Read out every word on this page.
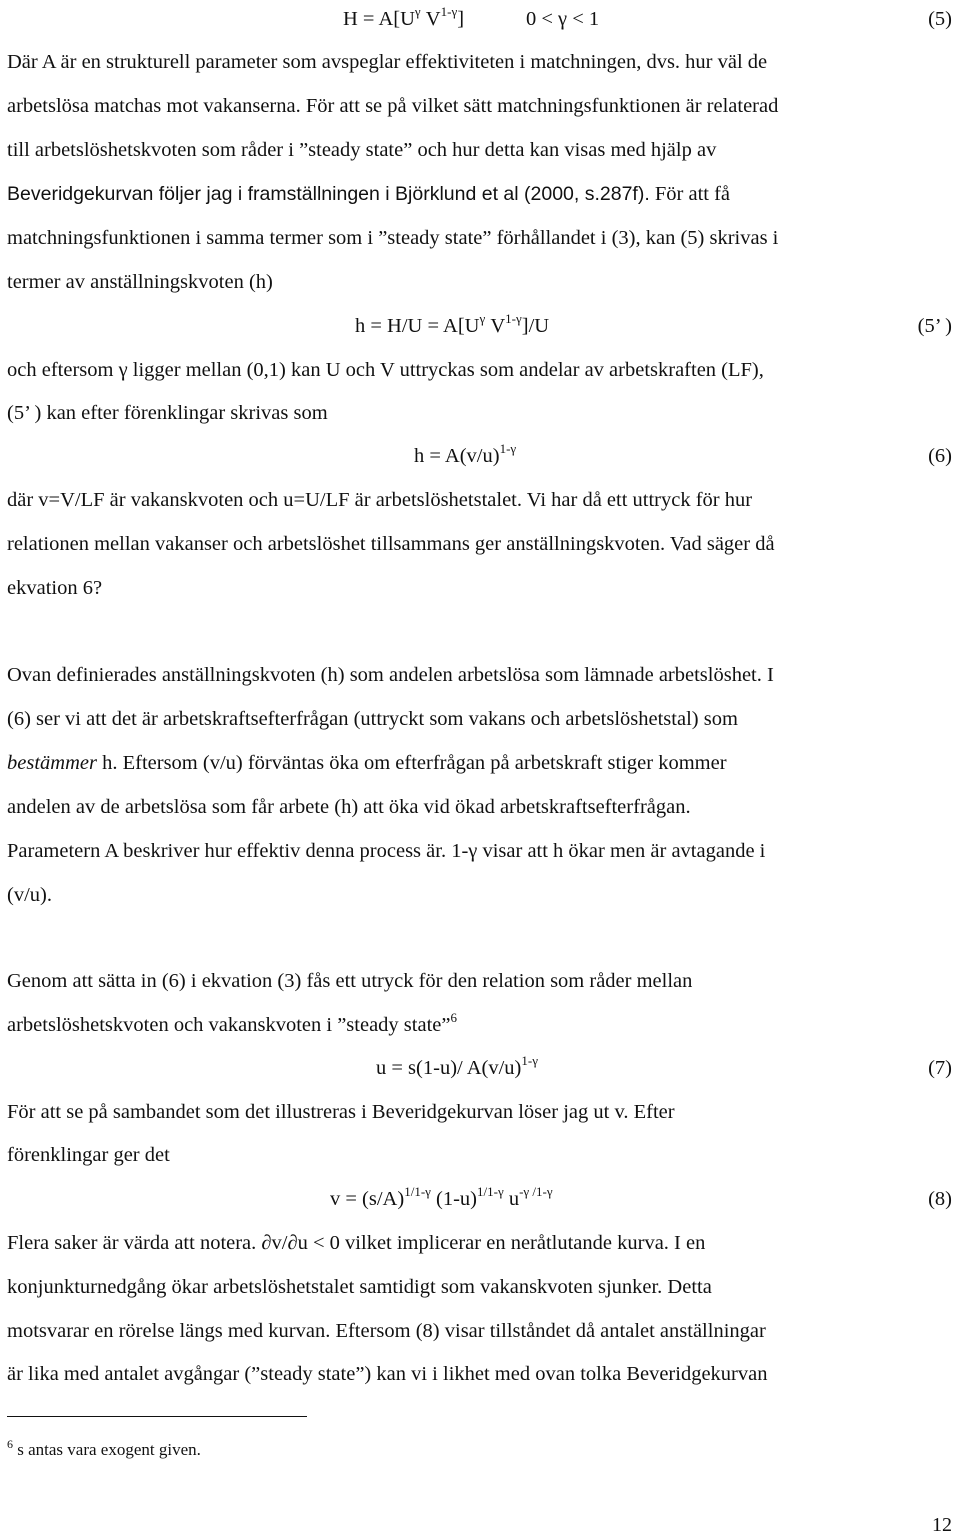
$H = A[U^\gamma$ $V^{1-\gamma}$]	0 < γ < 1	(5)
Där A är en strukturell parameter som avspeglar effektiviteten i matchningen, dvs. hur väl de
arbetslösa matchas mot vakanserna. För att se på vilket sätt matchningsfunktionen är relaterad
till arbetslöshetskvoten som råder i ”steady state” och hur detta kan visas med hjälp av
Beveridgekurvan följer jag i framställningen i Björklund et al (2000, s.287f). För att få
matchningsfunktionen i samma termer som i ”steady state” förhållandet i (3), kan (5) skrivas i
termer av anställningskvoten (h)
$h = H/U = A[U^\gamma$ $V^{1-\gamma}]/U$	(5’ )
och eftersom γ ligger mellan (0,1) kan U och V uttryckas som andelar av arbetskraften (LF),
(5’ ) kan efter förenklingar skrivas som
$h = A(v/u)^{1-\gamma}$	(6)
där v=V/LF är vakanskvoten och u=U/LF är arbetslöshetstalet. Vi har då ett uttryck för hur
relationen mellan vakanser och arbetslöshet tillsammans ger anställningskvoten. Vad säger då
ekvation 6?
Ovan definierades anställningskvoten (h) som andelen arbetslösa som lämnade arbetslöshet. I
(6) ser vi att det är arbetskraftsefterfrågan (uttryckt som vakans och arbetslöshetstal) som
bestämmer h. Eftersom (v/u) förväntas öka om efterfrågan på arbetskraft stiger kommer
andelen av de arbetslösa som får arbete (h) att öka vid ökad arbetskraftsefterfrågan.
Parametern A beskriver hur effektiv denna process är. 1-γ visar att h ökar men är avtagande i
(v/u).
Genom att sätta in (6) i ekvation (3) fås ett utryck för den relation som råder mellan
arbetslöshetskvoten och vakanskvoten i ”steady state”$^6$
u = s(1-u)/ $A(v/u)^{1-\gamma}$	(7)
För att se på sambandet som det illustreras i Beveridgekurvan löser jag ut v. Efter
förenklingar ger det
$v = (s/A)^{1/1-\gamma}$ $(1-u)^{1/1-\gamma}$ $u^{-\gamma /1-\gamma}$	(8)
Flera saker är värda att notera. ∂v/∂u < 0 vilket implicerar en neråtlutande kurva. I en
konjunkturnedgång ökar arbetslöshetstalet samtidigt som vakanskvoten sjunker. Detta
motsvarar en rörelse längs med kurvan. Eftersom (8) visar tillståndet då antalet anställningar
är lika med antalet avgångar (”steady state”) kan vi i likhet med ovan tolka Beveridgekurvan
$^6$ s antas vara exogent given.
12
